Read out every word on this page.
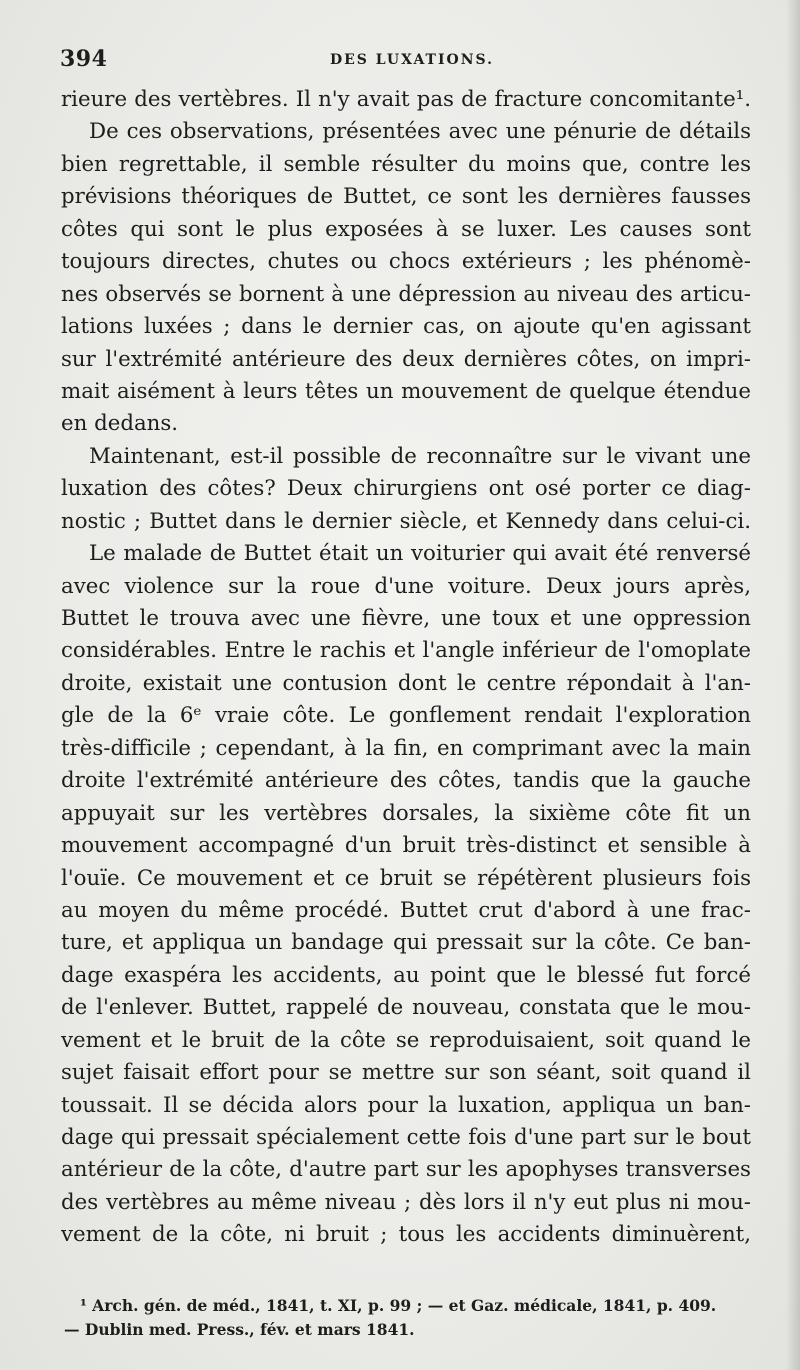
394	DES LUXATIONS.
rieure des vertèbres. Il n'y avait pas de fracture concomitante¹.
De ces observations, présentées avec une pénurie de détails
bien regrettable, il semble résulter du moins que, contre les
prévisions théoriques de Buttet, ce sont les dernières fausses
côtes qui sont le plus exposées à se luxer. Les causes sont
toujours directes, chutes ou chocs extérieurs ; les phénomè-
nes observés se bornent à une dépression au niveau des articu-
lations luxées ; dans le dernier cas, on ajoute qu'en agissant
sur l'extrémité antérieure des deux dernières côtes, on impri-
mait aisément à leurs têtes un mouvement de quelque étendue
en dedans.
Maintenant, est-il possible de reconnaître sur le vivant une
luxation des côtes? Deux chirurgiens ont osé porter ce diag-
nostic ; Buttet dans le dernier siècle, et Kennedy dans celui-ci.
Le malade de Buttet était un voiturier qui avait été renversé
avec violence sur la roue d'une voiture. Deux jours après,
Buttet le trouva avec une fièvre, une toux et une oppression
considérables. Entre le rachis et l'angle inférieur de l'omoplate
droite, existait une contusion dont le centre répondait à l'an-
gle de la 6ᵉ vraie côte. Le gonflement rendait l'exploration
très-difficile ; cependant, à la fin, en comprimant avec la main
droite l'extrémité antérieure des côtes, tandis que la gauche
appuyait sur les vertèbres dorsales, la sixième côte fit un
mouvement accompagné d'un bruit très-distinct et sensible à
l'ouïe. Ce mouvement et ce bruit se répétèrent plusieurs fois
au moyen du même procédé. Buttet crut d'abord à une frac-
ture, et appliqua un bandage qui pressait sur la côte. Ce ban-
dage exaspéra les accidents, au point que le blessé fut forcé
de l'enlever. Buttet, rappelé de nouveau, constata que le mou-
vement et le bruit de la côte se reproduisaient, soit quand le
sujet faisait effort pour se mettre sur son séant, soit quand il
toussait. Il se décida alors pour la luxation, appliqua un ban-
dage qui pressait spécialement cette fois d'une part sur le bout
antérieur de la côte, d'autre part sur les apophyses transverses
des vertèbres au même niveau ; dès lors il n'y eut plus ni mou-
vement de la côte, ni bruit ; tous les accidents diminuèrent,
¹ Arch. gén. de méd., 1841, t. XI, p. 99 ; — et Gaz. médicale, 1841, p. 409.
— Dublin med. Press., fév. et mars 1841.
